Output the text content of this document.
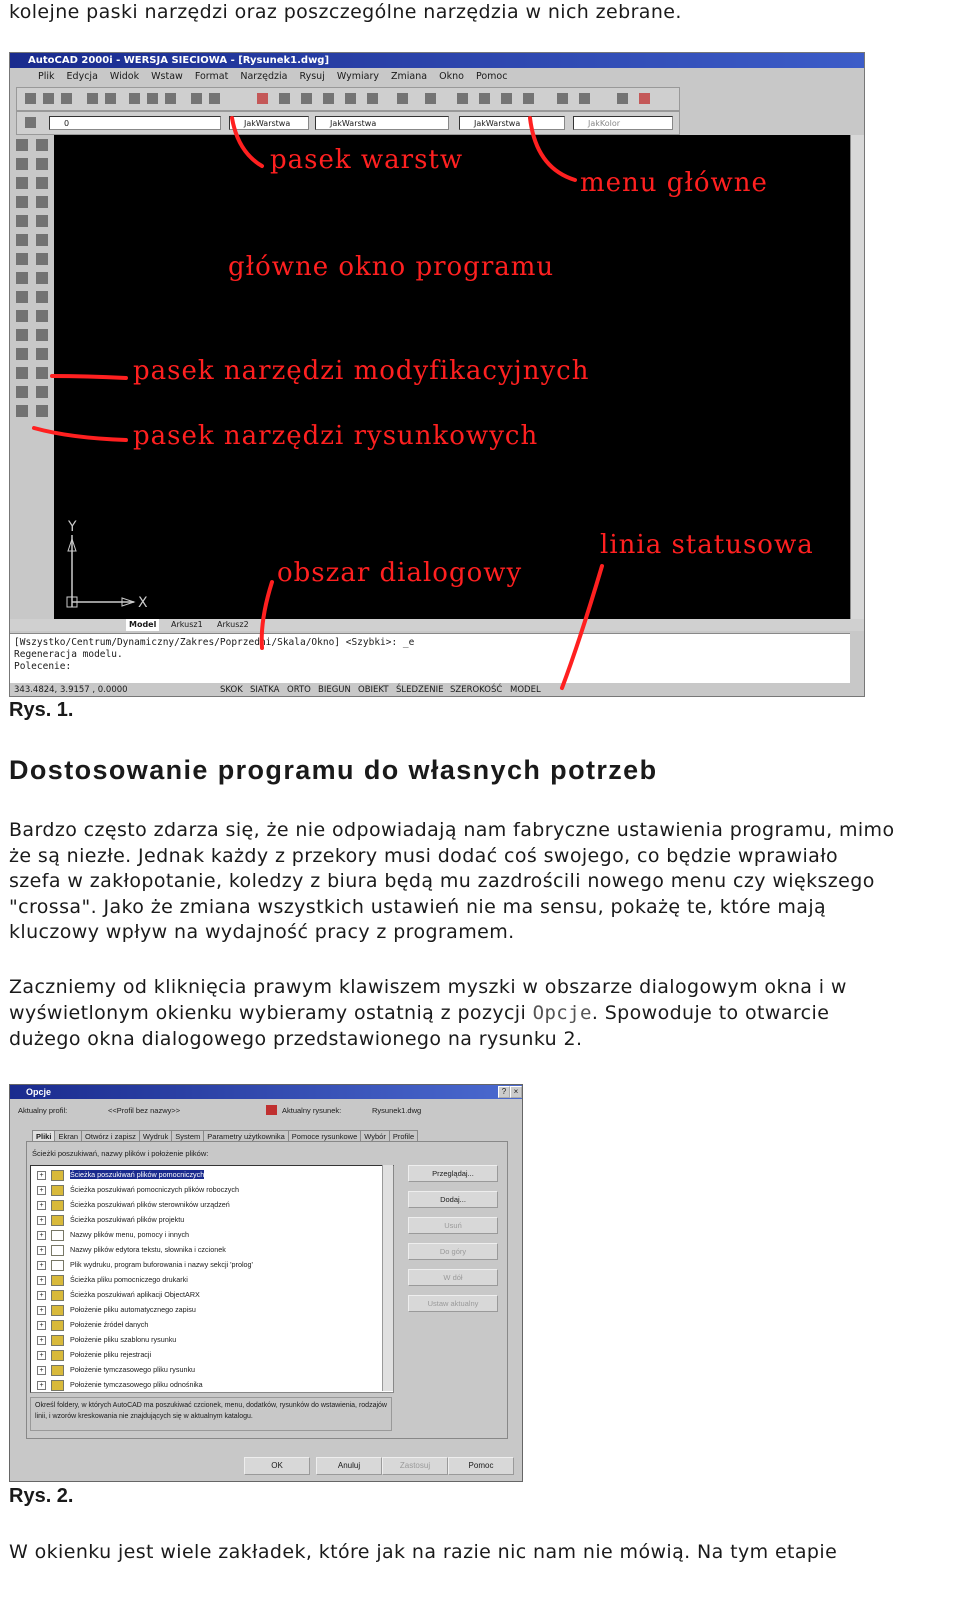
kolejne paski narzędzi oraz poszczególne narzędzia w nich zebrane.
AutoCAD 2000i - WERSJA SIECIOWA - [Rysunek1.dwg]
Plik Edycja Widok Wstaw Format Narzędzia Rysuj Wymiary Zmiana Okno Pomoc
0	JakWarstwa	JakWarstwa	JakWarstwa	JakKolor
Y
X
Model	Arkusz1	Arkusz2
[Wszystko/Centrum/Dynamiczny/Zakres/Poprzedni/Skala/Okno] <Szybki>: _e
Regeneracja modelu.
Polecenie:
343.4824, 3.9157 , 0.0000	SKOK SIATKA ORTO BIEGUN OBIEKT ŚLEDZENIE SZEROKOŚĆ MODEL
pasek warstw
menu główne
główne okno programu
pasek narzędzi modyfikacyjnych
pasek narzędzi rysunkowych
obszar dialogowy
linia statusowa
Rys. 1.
Dostosowanie programu do własnych potrzeb
Bardzo często zdarza się, że nie odpowiadają nam fabryczne ustawienia programu, mimo
że są niezłe. Jednak każdy z przekory musi dodać coś swojego, co będzie wprawiało
szefa w zakłopotanie, koledzy z biura będą mu zazdrościli nowego menu czy większego
"crossa". Jako że zmiana wszystkich ustawień nie ma sensu, pokażę te, które mają
kluczowy wpływ na wydajność pracy z programem.
Zaczniemy od kliknięcia prawym klawiszem myszki w obszarze dialogowym okna i w
wyświetlonym okienku wybieramy ostatnią z pozycji Opcje. Spowoduje to otwarcie
dużego okna dialogowego przedstawionego na rysunku 2.
Opcje	? ×
Aktualny profil:	<<Profil bez nazwy>>	Aktualny rysunek:	Rysunek1.dwg
Pliki Ekran Otwórz i zapisz Wydruk System Parametry użytkownika Pomoce rysunkowe Wybór Profile
Ścieżki poszukiwań, nazwy plików i położenie plików:
+	Ścieżka poszukiwań plików pomocniczych
+	Ścieżka poszukiwań pomocniczych plików roboczych
+	Ścieżka poszukiwań plików sterowników urządzeń
+	Ścieżka poszukiwań plików projektu
+	Nazwy plików menu, pomocy i innych
+	Nazwy plików edytora tekstu, słownika i czcionek
+	Plik wydruku, program buforowania i nazwy sekcji 'prolog'
+	Ścieżka pliku pomocniczego drukarki
+	Ścieżka poszukiwań aplikacji ObjectARX
+	Położenie pliku automatycznego zapisu
+	Położenie źródeł danych
+	Położenie pliku szablonu rysunku
+	Położenie pliku rejestracji
+	Położenie tymczasowego pliku rysunku
+	Położenie tymczasowego pliku odnośnika
Przeglądaj...
Dodaj...
Usuń
Do góry
W dół
Ustaw aktualny
Określ foldery, w których AutoCAD ma poszukiwać czcionek, menu, dodatków, rysunków do wstawienia, rodzajów linii, i wzorów kreskowania nie znajdujących się w aktualnym katalogu.
OK	Anuluj	Zastosuj	Pomoc
Rys. 2.
W okienku jest wiele zakładek, które jak na razie nic nam nie mówią. Na tym etapie
